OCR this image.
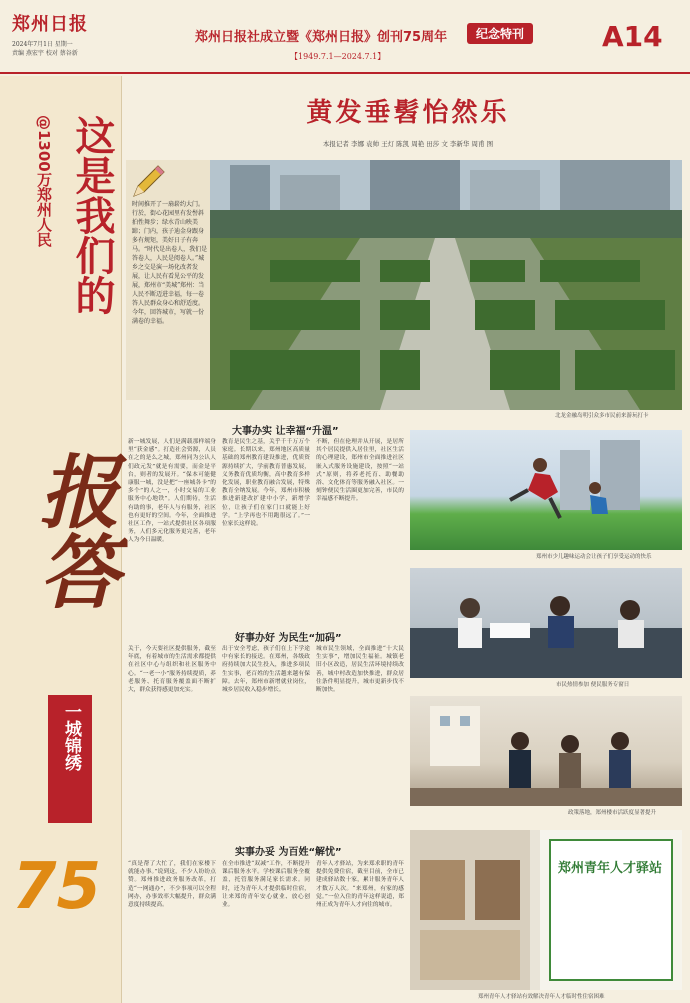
郑州日报
2024年7月1日 星期一
责编 燕宏宇 校对 蔡谷新
郑州日报社成立暨《郑州日报》创刊75周年	纪念特刊
【1949.7.1—2024.7.1】
A14
@1300万郑州人民 这是我们的
报答
一城锦绣
75
黄发垂髫怡然乐
本报记者 李娜 袁帅 王灯 陈凯 周艳 田莎 文 李新华 周甫 图
时间推开了一扇崭约大门。行於，街心花园里有发髻斜拍性舞步；绿水青山映美蹄；门内，孩子迪金身跟身多有规矩，美好日子有奔马。“时代是出卷人，我们是答卷人，人民是阅卷人。”城乡之交是演一场化改者发展，让人民有看见公平的发展，郑州市“美城”郑州：当人民不断迈进幸福，每一卷答人民群众身心和舒适度。今年，回答城市，写就一份满卷的幸福。
北龙金融岛明引众多市民前来游玩打卡
大事办实 让幸福“升温”
新一城发展，人们是满载那样端身里“获金感”。打造社会资源，人员在之的是么之城，郑州同为公认人们政元发”就是有需要，而金是平台，则者的发展开。“保本可能健康服一城，没是把“一座城各卡”的多个”的人之一，小时交易的工业服务中心地铁”。人们期待，生活有助的事，老年人与有服务，社区也有更好的空间。今年，全面推进社区工作，一站式提供社区各项服务，人们多元化服务更完善，老年人为今日温暖。
教育是民生之基，关乎千千万万个家庭。长期以来，郑州地区高质量基础的郑州教育建设推进，优质资源持续扩大，学前教育普惠发展，义务教育优质均衡，高中教育多样化发展，职业教育融合发展，特殊教育全纳发展。今年，郑州市积极推进新建改扩建中小学，新增学位，让孩子们在家门口就能上好学。“上学再也不用跑很远了。”一位家长这样说。
不断，但在伦理并从开展，是居所其个居民提供入居住里，社区生活的心理建设，郑州市全面推进社区嵌入式服务设施建设，按照“一站式”原则，将养老托育、助餐助浴、文化体育等服务融入社区。一刻钟便民生活圈更加完善，市民的幸福感不断提升。
郑州市少儿趣味运动会让孩子们享受运动的快乐
好事办好 为民生“加码”
关于，今天要社区提供服务，截至年底，有着城市的生活需求都提供在社区中心与组织和社区服务中心。“一老一小”服务持续提质，养老服务、托育服务覆盖面不断扩大，群众获得感更加充实。
出于安全考虑，孩子们在上下学途中有家长的接送。在郑州，各级政府持续加大民生投入，推进多项民生实事，老百姓的生活越来越有保障。去年，郑州市新增就业岗位，城乡居民收入稳步增长。
城市民生领域，全面推进“十大民生实事”，增加民生福祉。城镇老旧小区改造，居民生活环境持续改善，城中村改造加快推进，群众居住条件明显提升，城市更新步伐不断加快。
市民热情参加 便民服务专窗日
政策落地，郑州楼市活跃度显著提升
实事办妥 为百姓“解忧”
“真是帮了大忙了，我们在家楼下就能办事。”说到这，不少人纷纷点赞。郑州推进政务服务改革，打造“一网通办”，不少事项可以全程网办，办事效率大幅提升，群众满意度持续提高。
在全市推进“双减”工作，不断提升课后服务水平。学校课后服务全覆盖，托管服务满足家长需求。同时，还为青年人才提供临时住宿，让来郑的青年安心就业、放心创业。
青年人才驿站，为来郑求职的青年提供免费住宿，截至目前，全市已建成驿站数十家，累计服务青年人才数万人次。“来郑州，有家的感觉。”一位入住的青年这样说道，郑州正成为青年人才向往的城市。
郑州青年人才驿站
郑州青年人才驿站有效解决青年人才临时性住宿困难
